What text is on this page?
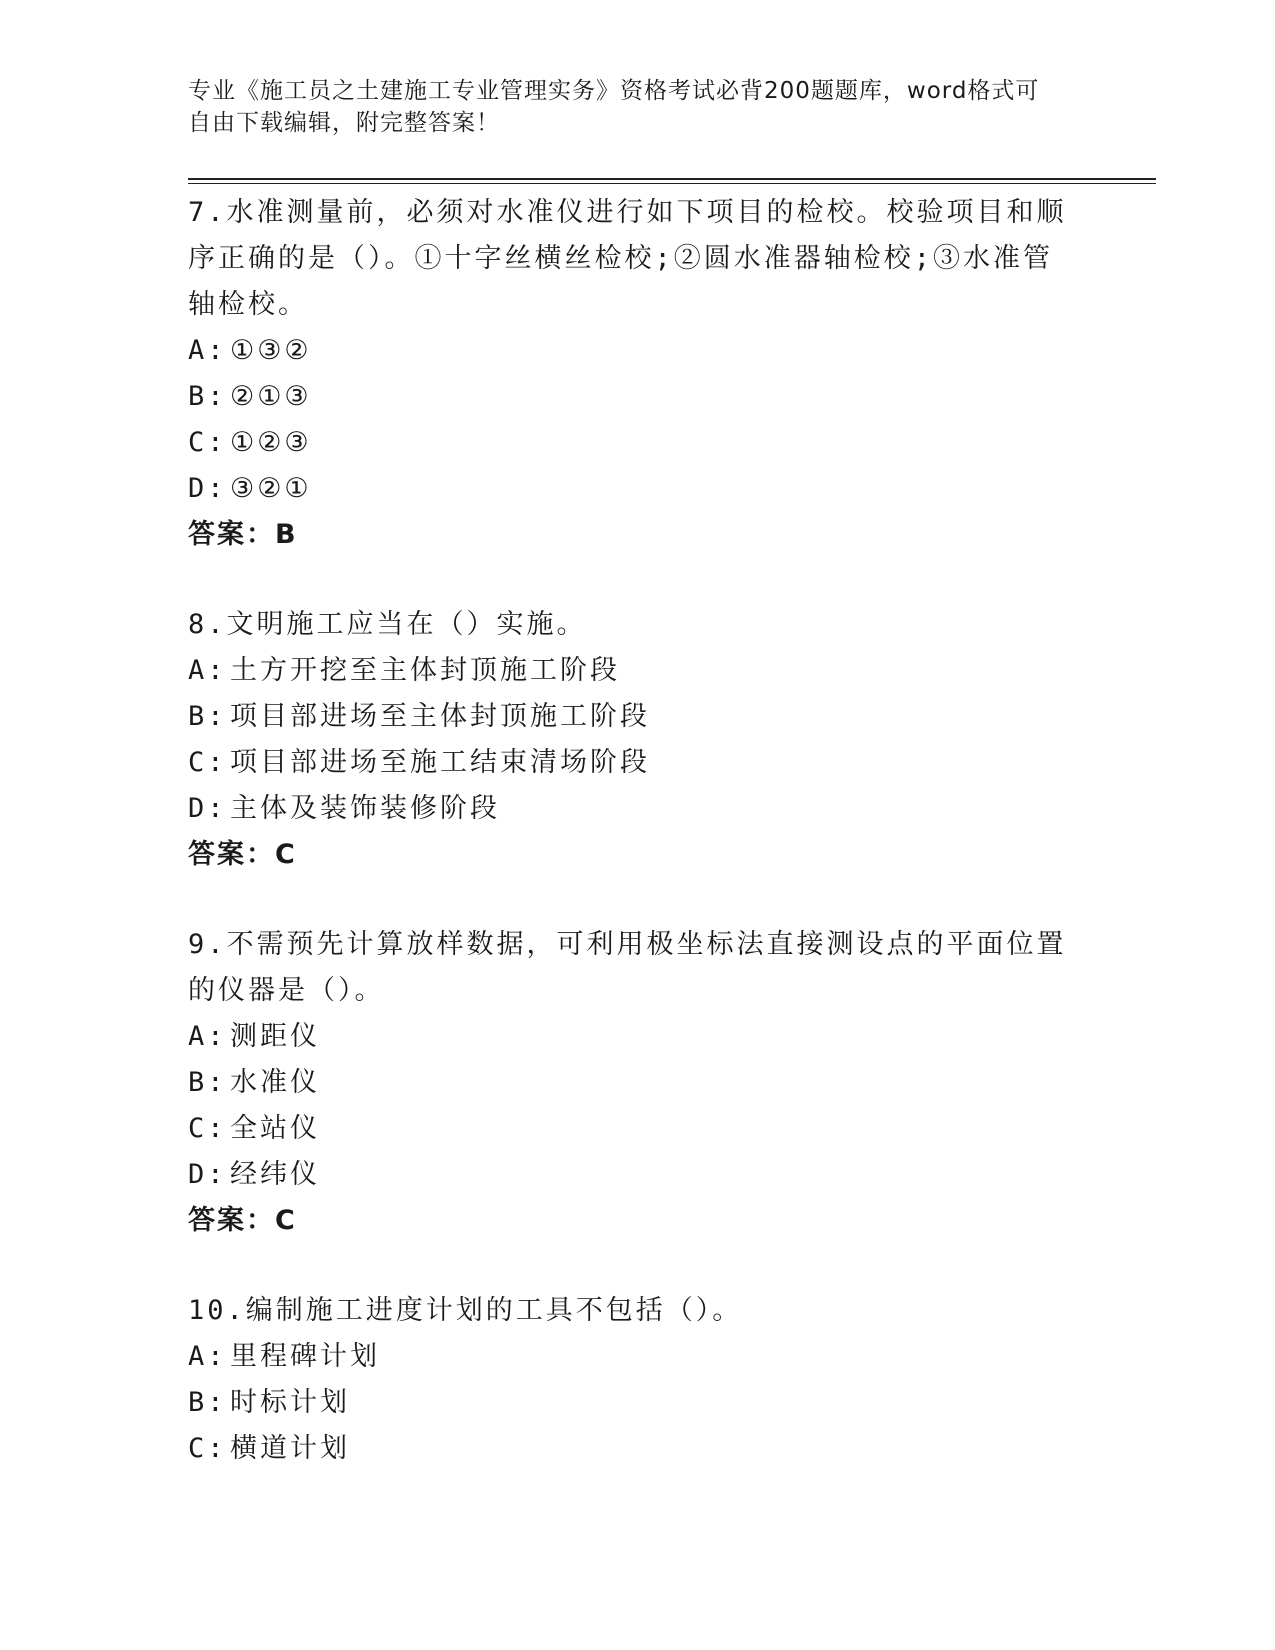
专业《施工员之土建施工专业管理实务》资格考试必背200题题库，word格式可
自由下载编辑，附完整答案！
7.水准测量前，必须对水准仪进行如下项目的检校。校验项目和顺序正确的是（）。①十字丝横丝检校;②圆水准器轴检校;③水准管轴检校。
A: ①③②
B: ②①③
C: ①②③
D: ③②①
答案：B
8.文明施工应当在（）实施。
A: 土方开挖至主体封顶施工阶段
B: 项目部进场至主体封顶施工阶段
C: 项目部进场至施工结束清场阶段
D: 主体及装饰装修阶段
答案：C
9.不需预先计算放样数据，可利用极坐标法直接测设点的平面位置的仪器是（）。
A: 测距仪
B: 水准仪
C: 全站仪
D: 经纬仪
答案：C
10.编制施工进度计划的工具不包括（）。
A: 里程碑计划
B: 时标计划
C: 横道计划
